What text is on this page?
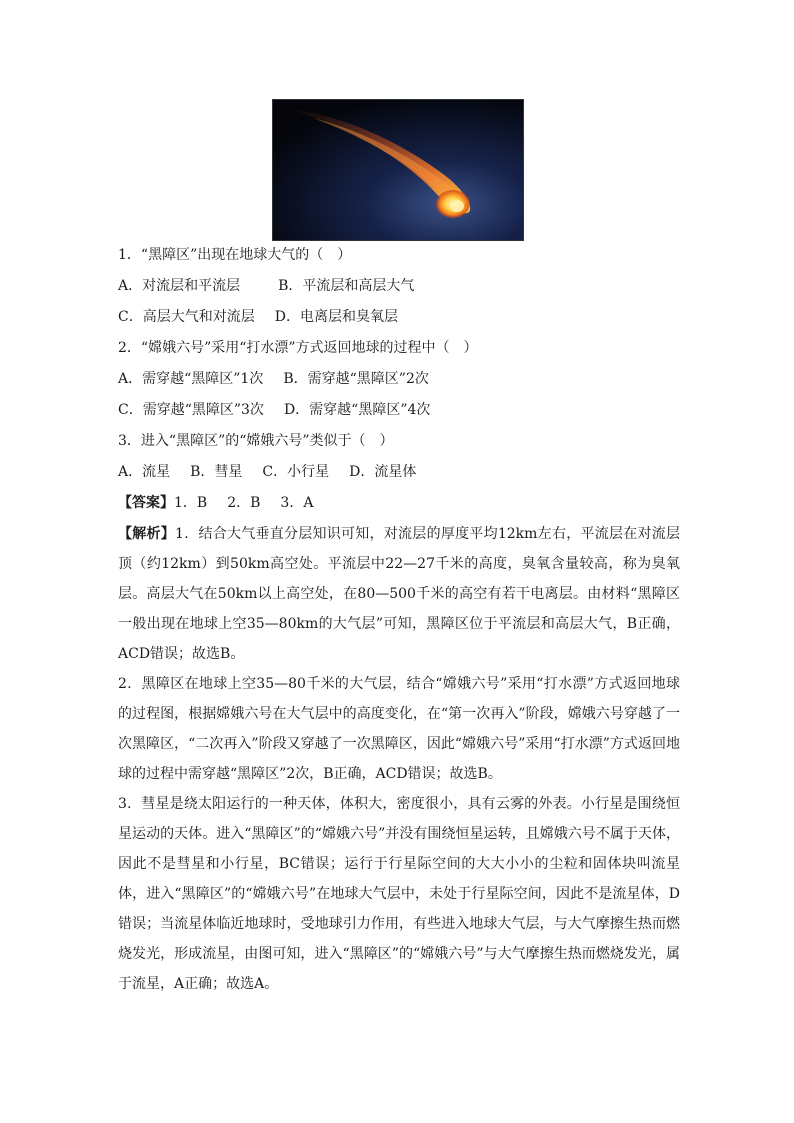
1．“黑障区”出现在地球大气的（　）
A．对流层和平流层	B．平流层和高层大气
C．高层大气和对流层 D．电离层和臭氧层
2．“嫦娥六号”采用“打水漂”方式返回地球的过程中（　）
A．需穿越“黑障区”1次 B．需穿越“黑障区”2次
C．需穿越“黑障区”3次 D．需穿越“黑障区”4次
3．进入“黑障区”的“嫦娥六号”类似于（　）
A．流星 B．彗星 C．小行星 D．流星体
【答案】1．B 2．B 3．A

【解析】1．结合大气垂直分层知识可知，对流层的厚度平均12km左右，平流层在对流层顶（约12km）到50km高空处。平流层中22—27千米的高度，臭氧含量较高，称为臭氧层。高层大气在50km以上高空处，在80—500千米的高空有若干电离层。由材料“黑障区一般出现在地球上空35—80km的大气层”可知，黑障区位于平流层和高层大气，B正确，ACD错误；故选B。

2．黑障区在地球上空35—80千米的大气层，结合“嫦娥六号”采用“打水漂”方式返回地球的过程图，根据嫦娥六号在大气层中的高度变化，在“第一次再入”阶段，嫦娥六号穿越了一次黑障区，“二次再入”阶段又穿越了一次黑障区，因此“嫦娥六号”采用“打水漂”方式返回地球的过程中需穿越“黑障区”2次，B正确，ACD错误；故选B。

3．彗星是绕太阳运行的一种天体，体积大，密度很小，具有云雾的外表。小行星是围绕恒星运动的天体。进入“黑障区”的“嫦娥六号”并没有围绕恒星运转，且嫦娥六号不属于天体，因此不是彗星和小行星，BC错误；运行于行星际空间的大大小小的尘粒和固体块叫流星体，进入“黑障区”的“嫦娥六号”在地球大气层中，未处于行星际空间，因此不是流星体，D错误；当流星体临近地球时，受地球引力作用，有些进入地球大气层，与大气摩擦生热而燃烧发光，形成流星，由图可知，进入“黑障区”的“嫦娥六号”与大气摩擦生热而燃烧发光，属于流星，A正确；故选A。
